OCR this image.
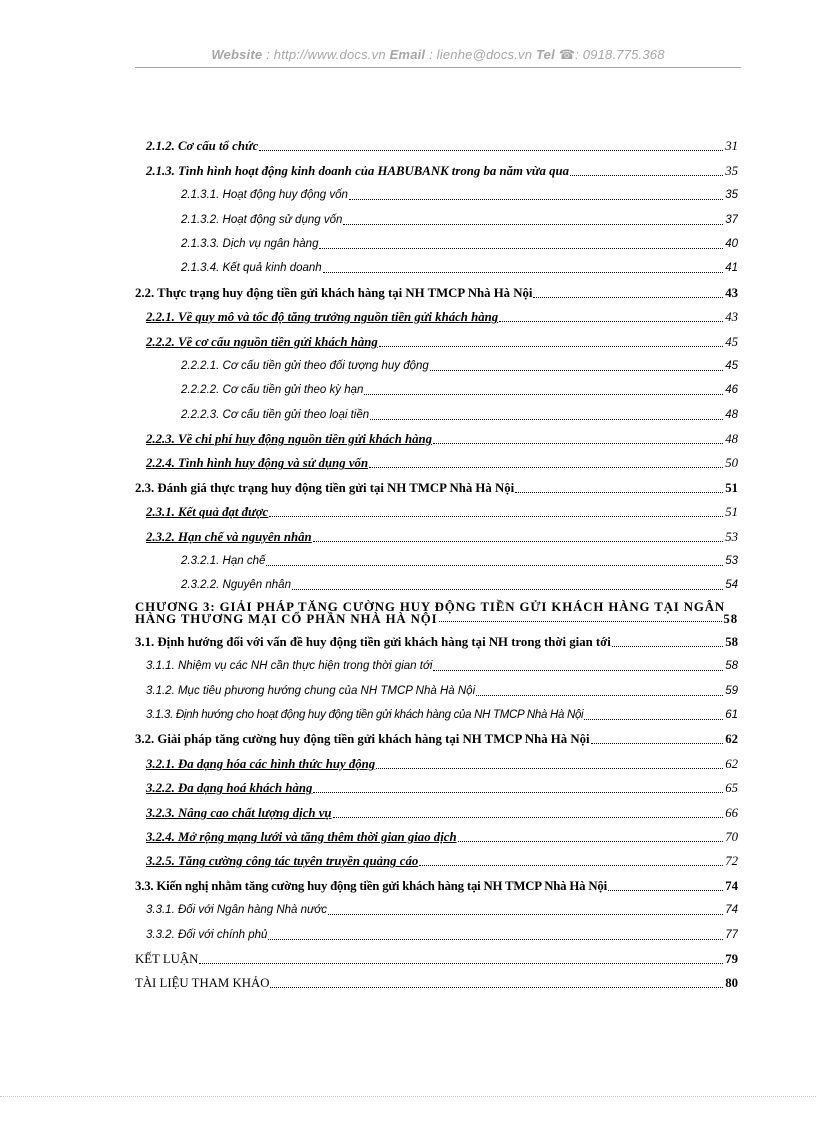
Website : http://www.docs.vn Email : lienhe@docs.vn Tel ☎: 0918.775.368
2.1.2. Cơ cấu tổ chức	31
2.1.3. Tình hình hoạt động kinh doanh của HABUBANK trong ba năm vừa qua	35
2.1.3.1. Hoạt động huy động vốn	35
2.1.3.2. Hoạt động sử dụng vốn	37
2.1.3.3. Dịch vụ ngân hàng	40
2.1.3.4. Kết quả kinh doanh	41
2.2. Thực trạng huy động tiền gửi khách hàng tại NH TMCP Nhà Hà Nội	43
2.2.1. Về quy mô và tốc độ tăng trưởng nguồn tiền gửi khách hàng	43
2.2.2. Về cơ cấu nguồn tiền gửi khách hàng	45
2.2.2.1. Cơ cấu tiền gửi theo đối tượng huy động	45
2.2.2.2. Cơ cấu tiền gửi theo kỳ hạn	46
2.2.2.3. Cơ cấu tiền gửi theo loại tiền	48
2.2.3. Về chi phí huy động nguồn tiền gửi khách hàng	48
2.2.4. Tình hình huy động và sử dụng vốn	50
2.3. Đánh giá thực trạng huy động tiền gửi tại NH TMCP Nhà Hà Nội	51
2.3.1. Kết quả đạt được	51
2.3.2. Hạn chế và nguyên nhân	53
2.3.2.1. Hạn chế	53
2.3.2.2. Nguyên nhân	54
CHƯƠNG 3: GIẢI PHÁP TĂNG CƯỜNG HUY ĐỘNG TIỀN GỬI KHÁCH HÀNG TẠI NGÂN
HÀNG THƯƠNG MẠI CỔ PHẦN NHÀ HÀ NỘI	58
3.1. Định hướng đối với vấn đề huy động tiền gửi khách hàng tại NH trong thời gian tới	58
3.1.1. Nhiệm vụ các NH cần thực hiện trong thời gian tới	58
3.1.2. Mục tiêu phương hướng chung của NH TMCP Nhà Hà Nội	59
3.1.3. Định hướng cho hoạt động huy động tiền gửi khách hàng của NH TMCP Nhà Hà Nội	61
3.2. Giải pháp tăng cường huy động tiền gửi khách hàng tại NH TMCP Nhà Hà Nội	62
3.2.1. Đa dạng hóa các hình thức huy động	62
3.2.2. Đa dạng hoá khách hàng	65
3.2.3. Nâng cao chất lượng dịch vụ	66
3.2.4. Mở rộng mạng lưới và tăng thêm thời gian giao dịch	70
3.2.5. Tăng cường công tác tuyên truyền quảng cáo	72
3.3. Kiến nghị nhằm tăng cường huy động tiền gửi khách hàng tại NH TMCP Nhà Hà Nội	74
3.3.1. Đối với Ngân hàng Nhà nước	74
3.3.2. Đối với chính phủ	77
KẾT LUẬN	79
TÀI LIỆU THAM KHẢO	80
